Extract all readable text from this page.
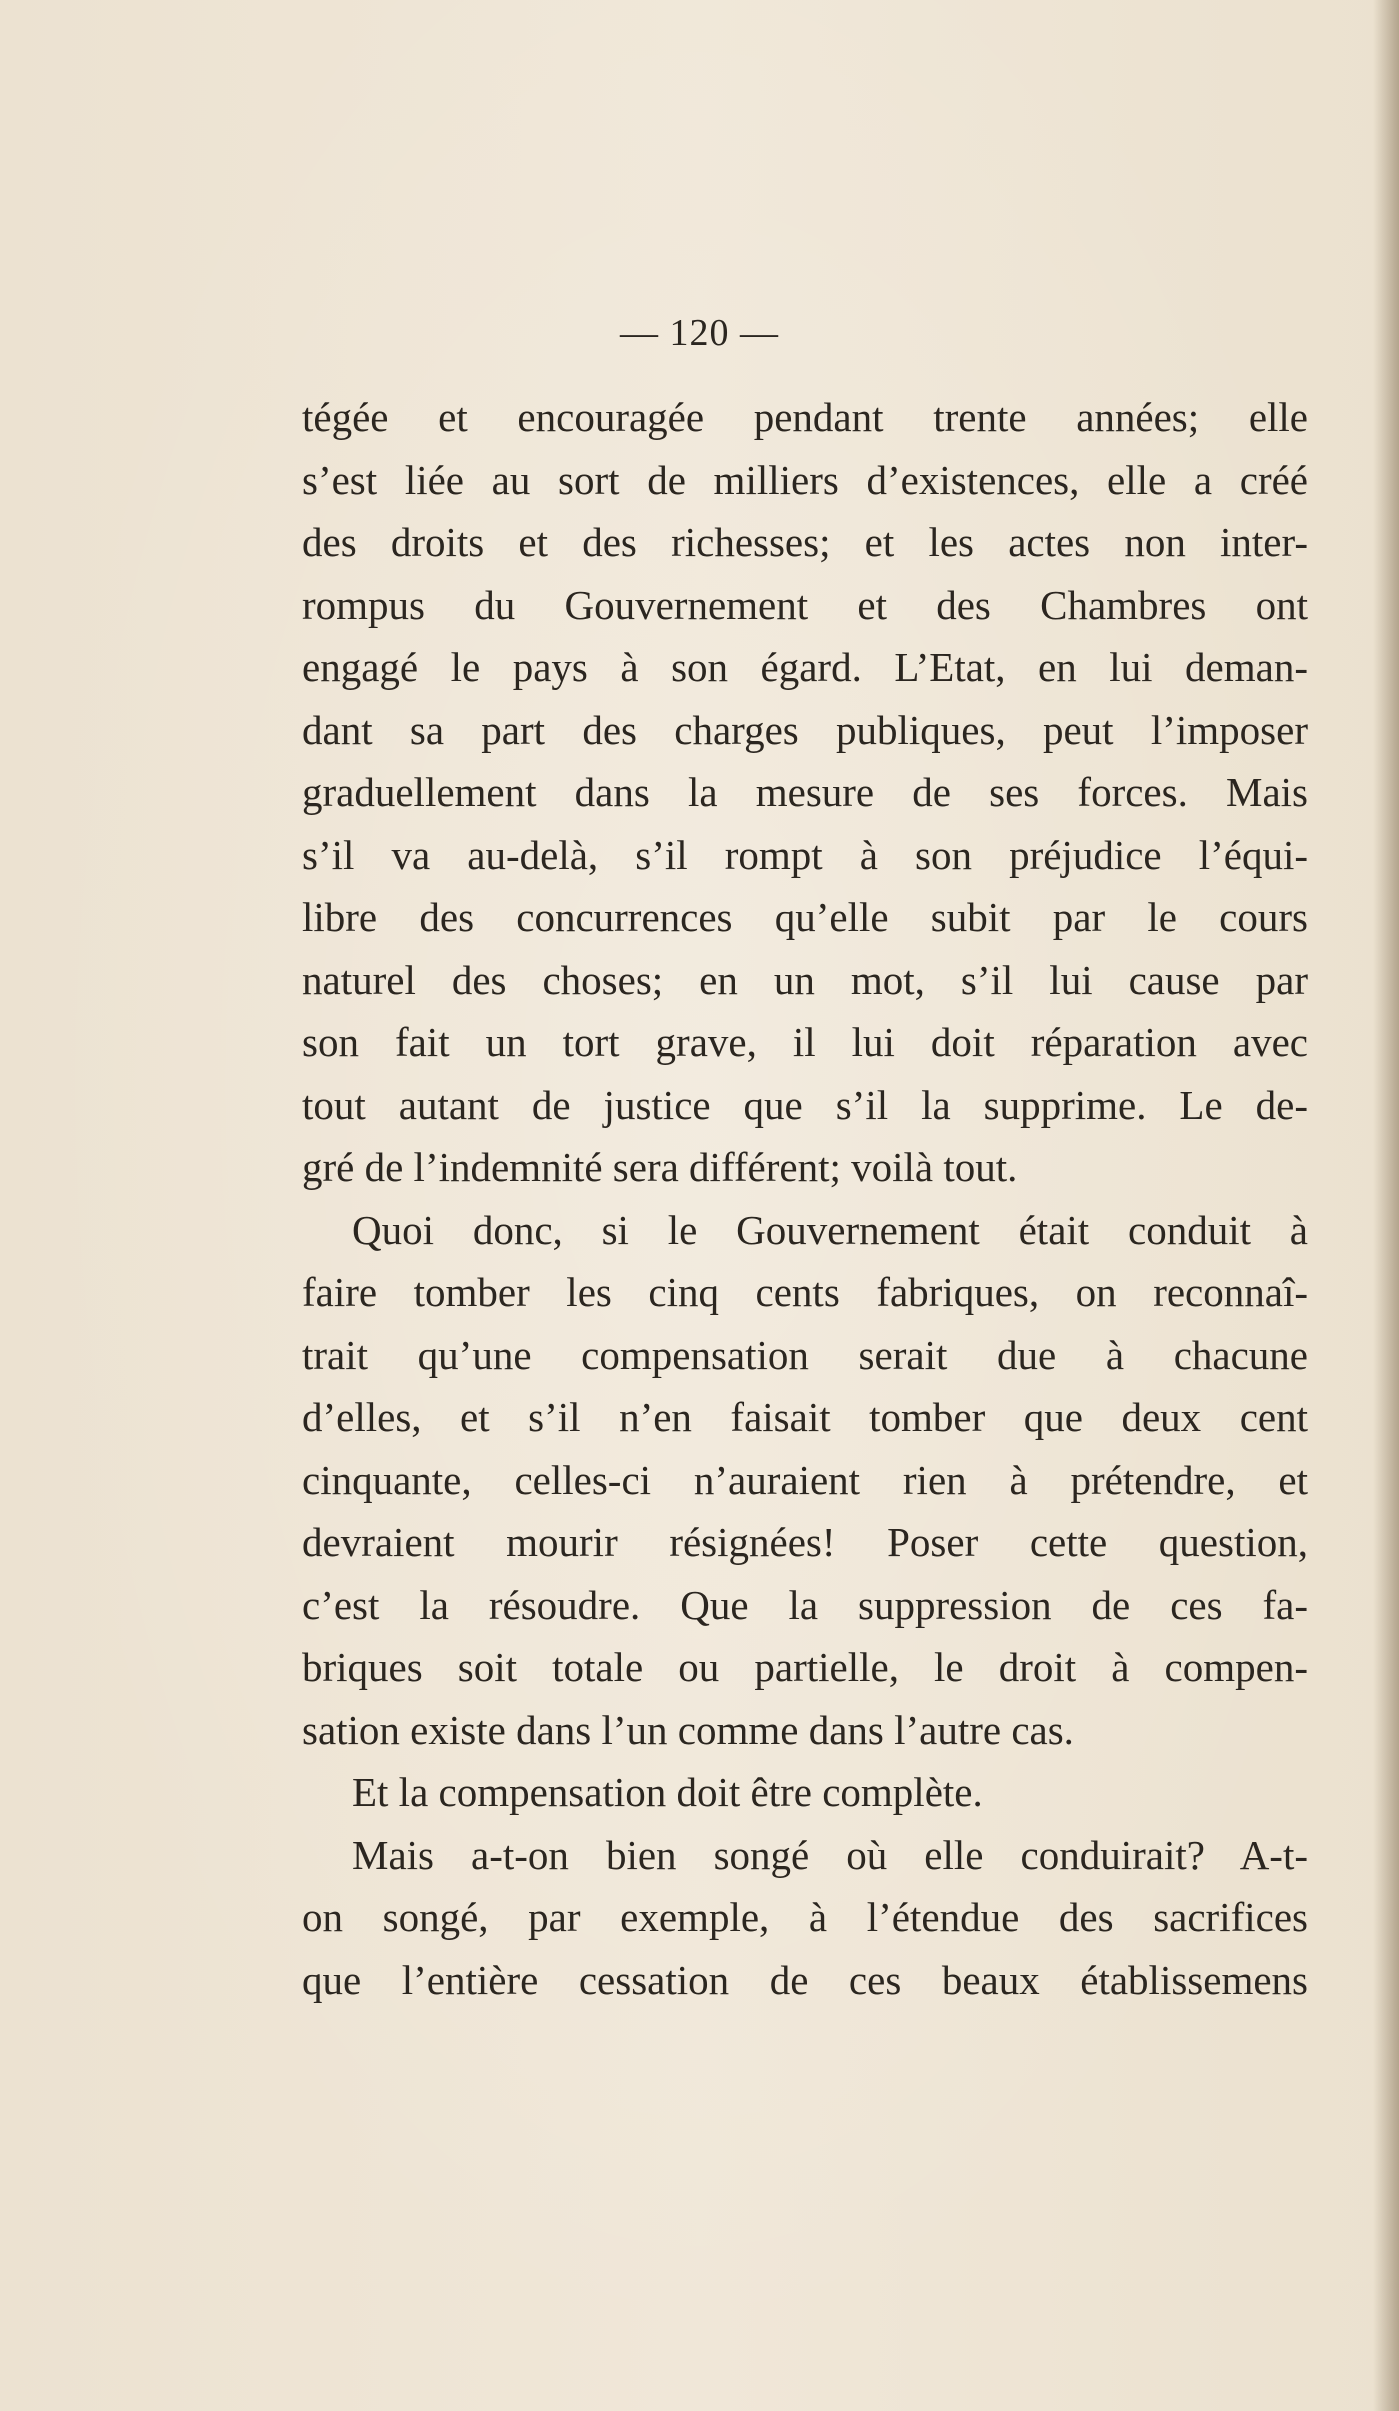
— 120 —
tégée et encouragée pendant trente années; elle
s’est liée au sort de milliers d’existences, elle a créé
des droits et des richesses; et les actes non inter-
rompus du Gouvernement et des Chambres ont
engagé le pays à son égard. L’Etat, en lui deman-
dant sa part des charges publiques, peut l’imposer
graduellement dans la mesure de ses forces. Mais
s’il va au-delà, s’il rompt à son préjudice l’équi-
libre des concurrences qu’elle subit par le cours
naturel des choses; en un mot, s’il lui cause par
son fait un tort grave, il lui doit réparation avec
tout autant de justice que s’il la supprime. Le de-
gré de l’indemnité sera différent; voilà tout.
Quoi donc, si le Gouvernement était conduit à
faire tomber les cinq cents fabriques, on reconnaî-
trait qu’une compensation serait due à chacune
d’elles, et s’il n’en faisait tomber que deux cent
cinquante, celles-ci n’auraient rien à prétendre, et
devraient mourir résignées! Poser cette question,
c’est la résoudre. Que la suppression de ces fa-
briques soit totale ou partielle, le droit à compen-
sation existe dans l’un comme dans l’autre cas.
Et la compensation doit être complète.
Mais a-t-on bien songé où elle conduirait? A-t-
on songé, par exemple, à l’étendue des sacrifices
que l’entière cessation de ces beaux établissemens
